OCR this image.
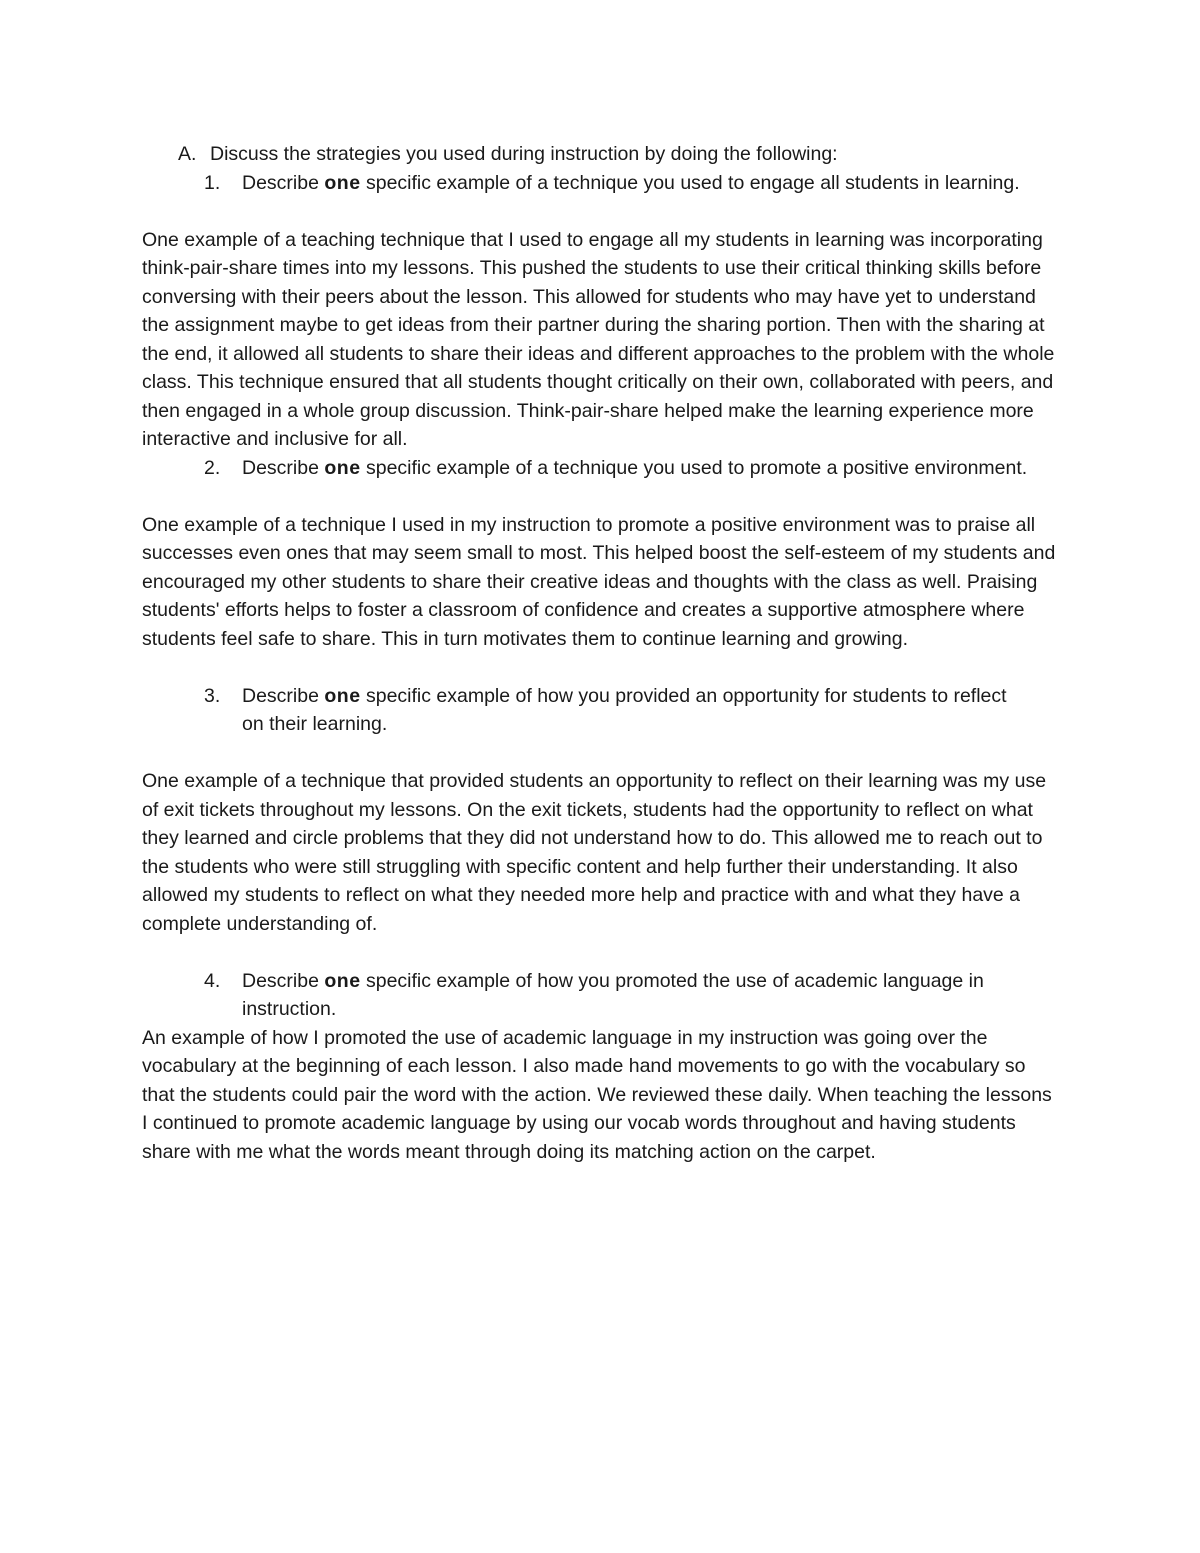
A. Discuss the strategies you used during instruction by doing the following:

1. Describe one specific example of a technique you used to engage all students in learning.

One example of a teaching technique that I used to engage all my students in learning was incorporating think-pair-share times into my lessons. This pushed the students to use their critical thinking skills before conversing with their peers about the lesson. This allowed for students who may have yet to understand the assignment maybe to get ideas from their partner during the sharing portion. Then with the sharing at the end, it allowed all students to share their ideas and different approaches to the problem with the whole class. This technique ensured that all students thought critically on their own, collaborated with peers, and then engaged in a whole group discussion. Think-pair-share helped make the learning experience more interactive and inclusive for all.

2. Describe one specific example of a technique you used to promote a positive environment.

One example of a technique I used in my instruction to promote a positive environment was to praise all successes even ones that may seem small to most. This helped boost the self-esteem of my students and encouraged my other students to share their creative ideas and thoughts with the class as well. Praising students' efforts helps to foster a classroom of confidence and creates a supportive atmosphere where students feel safe to share. This in turn motivates them to continue learning and growing.

3. Describe one specific example of how you provided an opportunity for students to reflect on their learning.

One example of a technique that provided students an opportunity to reflect on their learning was my use of exit tickets throughout my lessons. On the exit tickets, students had the opportunity to reflect on what they learned and circle problems that they did not understand how to do. This allowed me to reach out to the students who were still struggling with specific content and help further their understanding. It also allowed my students to reflect on what they needed more help and practice with and what they have a complete understanding of.

4. Describe one specific example of how you promoted the use of academic language in instruction.

An example of how I promoted the use of academic language in my instruction was going over the vocabulary at the beginning of each lesson. I also made hand movements to go with the vocabulary so that the students could pair the word with the action. We reviewed these daily. When teaching the lessons I continued to promote academic language by using our vocab words throughout and having students share with me what the words meant through doing its matching action on the carpet.
